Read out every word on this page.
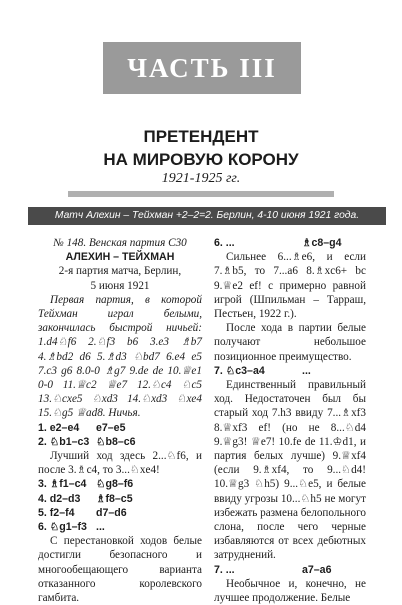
ЧАСТЬ III
ПРЕТЕНДЕНТ
НА МИРОВУЮ КОРОНУ
1921-1925 гг.
Матч Алехин – Тейхман +2–2=2. Берлин, 4-10 июня 1921 года.
№ 148. Венская партия С30
АЛЕХИН – ТЕЙХМАН
2-я партия матча, Берлин,
5 июня 1921
Первая партия, в которой Тейхман играл белыми, закончилась быстрой ничьей: 1.d4♘f6 2.♘f3 b6 3.e3 ♗b7 4.♗bd2 d6 5.♗d3 ♘bd7 6.e4 e5 7.c3 g6 8.0-0 ♗g7 9.de de 10.♕e1 0-0 11.♕c2 ♕e7 12.♘c4 ♘c5 13.♘cxe5 ♘xd3 14.♘xd3 ♘xe4 15.♘g5 ♕ad8. Ничья.
1. e2–e4	e7–e5
2. ♘b1–c3 ♘b8–c6
Лучший ход здесь 2...♘f6, и после 3.♗c4, то 3...♘xe4!
3. ♗f1–c4 ♘g8–f6
4. d2–d3	♗f8–c5
5. f2–f4	d7–d6
6. ♘g1–f3 ...
С перестановкой ходов белые достигли безопасного и многообещающего варианта отказанного королевского гамбита.
6. ...	♗c8–g4
Сильнее 6...♗e6, и если 7.♗b5, то 7...a6 8.♗xc6+ bc 9.♕e2 ef! с примерно равной игрой (Шпильман – Тарраш, Пестьен, 1922 г.).
После хода в партии белые получают небольшое позиционное преимущество.
7. ♘c3–a4	...
Единственный правильный ход. Недостаточен был бы старый ход 7.h3 ввиду 7...♗xf3 8.♕xf3 ef! (но не 8...♘d4 9.♕g3! ♕e7! 10.fe de 11.♔d1, и партия белых лучше) 9.♕xf4 (если 9.♗xf4, то 9...♘d4! 10.♕g3 ♘h5) 9...♘e5, и белые ввиду угрозы 10...♘h5 не могут избежать размена белопольного слона, после чего черные избавляются от всех дебютных затруднений.
7. ...	a7–a6
Необычное и, конечно, не лучшее продолжение. Белые
